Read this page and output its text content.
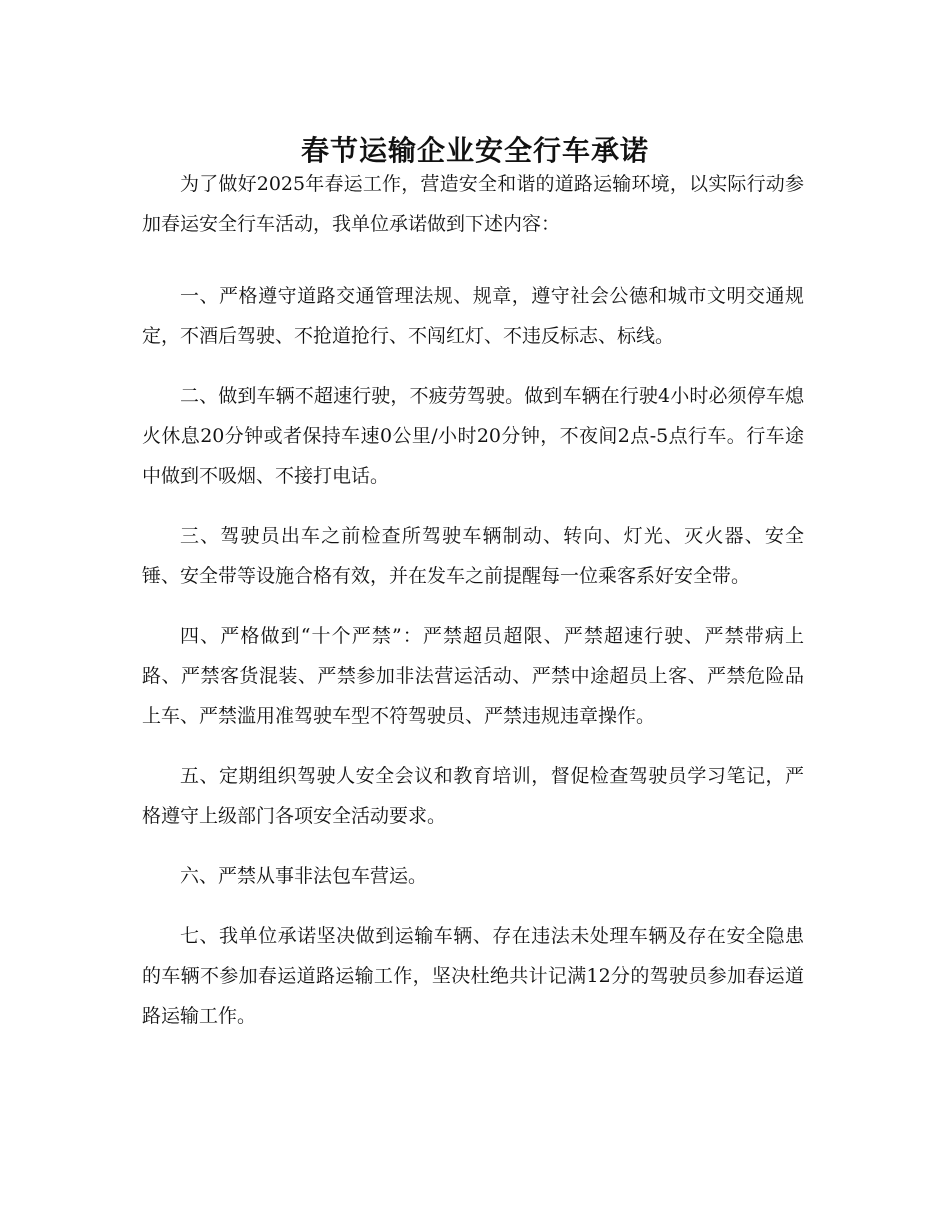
春节运输企业安全行车承诺

为了做好2025年春运工作，营造安全和谐的道路运输环境，以实际行动参加春运安全行车活动，我单位承诺做到下述内容：

一、严格遵守道路交通管理法规、规章，遵守社会公德和城市文明交通规定，不酒后驾驶、不抢道抢行、不闯红灯、不违反标志、标线。

二、做到车辆不超速行驶，不疲劳驾驶。做到车辆在行驶4小时必须停车熄火休息20分钟或者保持车速0公里/小时20分钟，不夜间2点-5点行车。行车途中做到不吸烟、不接打电话。

三、驾驶员出车之前检查所驾驶车辆制动、转向、灯光、灭火器、安全锤、安全带等设施合格有效，并在发车之前提醒每一位乘客系好安全带。

四、严格做到“十个严禁”：严禁超员超限、严禁超速行驶、严禁带病上路、严禁客货混装、严禁参加非法营运活动、严禁中途超员上客、严禁危险品上车、严禁滥用准驾驶车型不符驾驶员、严禁违规违章操作。

五、定期组织驾驶人安全会议和教育培训，督促检查驾驶员学习笔记，严格遵守上级部门各项安全活动要求。

六、严禁从事非法包车营运。

七、我单位承诺坚决做到运输车辆、存在违法未处理车辆及存在安全隐患的车辆不参加春运道路运输工作，坚决杜绝共计记满12分的驾驶员参加春运道路运输工作。
